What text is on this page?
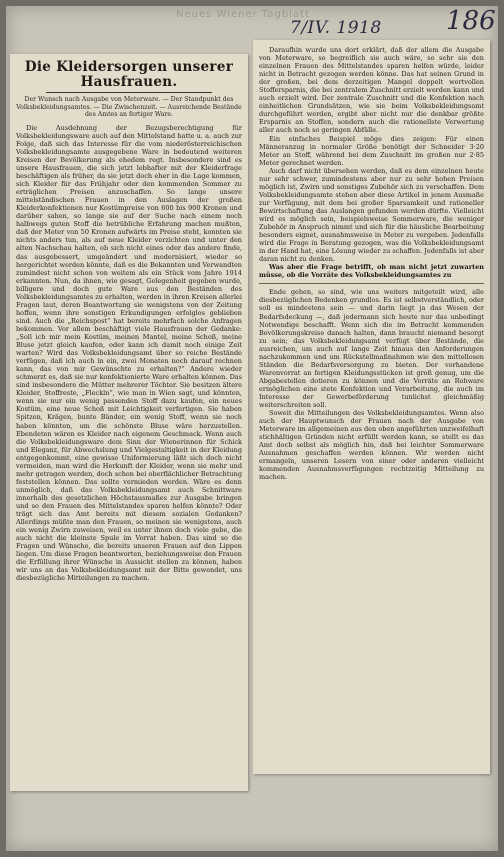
Neues Wiener Tagblatt
7/IV. 1918 186
Die Kleidersorgen unserer
Hausfrauen.

Der Wunsch nach Ausgabe von Meterware. — Der Standpunkt des Volksbekleidungsamtes. — Die Zwischenzeit. — Ausreichende Bestände des Amtes an fertiger Ware.

Die Ausdehnung der Bezugsberechtigung für Volksbekleidungsware auch auf den Mittelstand hatte u. a. auch zur Folge, daß sich das Interesse für die vom niederösterreichischen Volksbekleidungsamte ausgegebene Ware in bedeutend weiteren Kreisen der Bevölkerung als ehedem regt. Insbesondere sind es unsere Hausfrauen, die sich jetzt lebhafter mit der Kleiderfrage beschäftigen als früher, da sie jetzt doch eher in die Lage kommen, sich Kleider für das Frühjahr oder den kommenden Sommer zu erträglichen Preisen anzuschaffen. So lange unsere mittelständischen Frauen in den Auslagen der großen Kleiderkonfektionen nur Kostümpreise von 600 bis 900 Kronen und darüber sahen, so lange sie auf der Suche nach einem noch halbwegs guten Stoff die betrübliche Erfahrung machen mußten, daß der Meter von 50 Kronen aufwärts im Preise steht, konnten sie nichts anders tun, als auf neue Kleider verzichten und unter den alten Nachschau halten, ob sich nicht eines oder das andere finde, das ausgebessert, umgeändert und modernisiert, wieder so hergerichtet werden könnte, daß es die Bekannten und Verwandten zumindest nicht schon von weitem als ein Stück vom Jahre 1914 erkannten. Nun, da ihnen, wie gesagt, Gelegenheit gegeben wurde, billigere und doch gute Ware aus den Beständen des Volksbekleidungsamtes zu erhalten, werden in ihren Kreisen allerlei Fragen laut, deren Beantwortung sie wenigstens von der Zeitung hoffen, wenn ihre sonstigen Erkundigungen erfolglos geblieben sind. Auch die „Reichspost“ hat bereits mehrfach solche Anfragen bekommen. Vor allem beschäftigt viele Hausfrauen der Gedanke: „Soll ich mir mein Kostüm, meinen Mantel, meine Schoß, meine Bluse jetzt gleich kaufen, oder kann ich damit noch einige Zeit warten? Wird das Volksbekleidungsamt über so reiche Bestände verfügen, daß ich auch in ein, zwei Monaten noch darauf rechnen kann, das von mir Gewünschte zu erhalten?“ Andere wieder schmerzt es, daß sie nur konfektionierte Ware erhalten können. Das sind insbesondere die Mütter mehrerer Töchter. Sie besitzen ältere Kleider, Stoffreste, „Fleckln“, wie man in Wien sagt, und könnten, wenn sie nur ein wenig passenden Stoff dazu kaufen, ein neues Kostüm, eine neue Schoß mit Leichtigkeit verfertigen. Sie haben Spitzen, Krägen, bunte Bänder, ein wenig Stoff, wenn sie noch haben könnten, um die schönste Bluse wäre herzustellen. Ebendeten wären es Kleider nach eigenem Geschmack. Wenn auch die Volksbekleidungsware dem Sinn der Wienerinnen für Schick und Eleganz, für Abwechslung und Vielgestaltigkeit in der Kleidung entgegenkommt, eine gewisse Uniformierung läßt sich doch nicht vermeiden, man wird die Herkunft der Kleider, wenn sie mehr und mehr getragen werden, doch schon bei oberflächlicher Betrachtung feststellen können. Das sollte vermieden werden. Wäre es denn unmöglich, daß das Volksbekleidungsamt auch Schnittware innerhalb des gesetzlichen Höchstausmaßes zur Ausgabe bringen und so den Frauen des Mittelstandes sparen helfen könnte? Oder trägt sich das Amt bereits mit diesem sozialen Gedanken? Allerdings müßte man den Frauen, so meinen sie wenigstens, auch ein wenig Zwirn zuweisen, weil es unter ihnen doch viele gebe, die auch nicht die kleinste Spule im Vorrat haben. Das sind so die Fragen und Wünsche, die bereits unseren Frauen auf den Lippen liegen. Um diese Fragen beantworten, beziehungsweise den Frauen die Erfüllung ihrer Wünsche in Aussicht stellen zu können, haben wir uns an das Volksbekleidungsamt mit der Bitte gewendet, uns diesbezügliche Mitteilungen zu machen.

Daraufhin wurde uns dort erklärt, daß der allem die Ausgabe von Meterware, so begreiflich sie auch wäre, so sehr sie den einzelnen Frauen des Mittelstandes sparen helfen würde, leider nicht in Betracht gezogen werden könne. Das hat seinen Grund in der großen, bei dem derzeitigen Mangel doppelt wertvollen Stoffersparnis, die bei zentralem Zuschnitt erzielt werden kann und auch erzielt wird. Der zentrale Zuschnitt und die Konfektion nach einheitlichen Grundsätzen, wie sie beim Volksbekleidungsamt durchgeführt werden, ergibt aber nicht nur die denkbar größte Ersparnis an Stoffen, sondern auch die rationellste Verwertung aller auch noch so geringen Abfälle.

Ein einfaches Beispiel möge dies zeigen: Für einen Männeranzug in normaler Größe benötigt der Schneider 3·20 Meter an Stoff, während bei dem Zuschnitt im großen nur 2·85 Meter gerechnet werden.

Auch darf nicht übersehen werden, daß es dem einzelnen heute nur sehr schwer, zumindestens aber nur zu sehr hohen Preisen möglich ist, Zwirn und sonstiges Zubehör sich zu verschaffen. Dem Volksbekleidungsamte stehen aber diese Artikel in jenem Ausmaße zur Verfügung, mit dem bei großer Sparsamkeit und rationeller Bewirtschaftung das Auslangen gefunden werden dürfte. Vielleicht wird es möglich sein, beispielsweise Sommerware, die weniger Zubehör in Anspruch nimmt und sich für die häusliche Bearbeitung besonders eignet, ausnahmsweise in Meter zu vergeben. Jedenfalls wird die Frage in Beratung gezogen, was die Volksbekleidungsamt in der Hand hat, eine Lösung wieder zu schaffen. Jedenfalls ist aber daran nicht zu denken.

Was aber die Frage betrifft, ob man nicht jetzt zuwarten müsse, ob die Vorräte des Volksbekleidungsamtes zu

Ende gehen, so sind, wie uns weiters mitgeteilt wird, alle diesbezüglichen Bedenken grundlos. Es ist selbstverständlich, oder soll es mindestens sein — und darin liegt ja das Wesen der Bedarfsdeckung —, daß jedermann sich heute nur das unbedingt Notwendige beschafft. Wenn sich die im Betracht kommenden Bevölkerungskreise danach halten, dann braucht niemand besorgt zu sein; das Volksbekleidungsamt verfügt über Bestände, die ausreichen, um auch auf lange Zeit hinaus den Anforderungen nachzukommen und um Rückstellmaßnahmen wie den mittellosen Ständen die Bedarfsversorgung zu bieten. Der vorhandene Warenvorrat an fertigen Kleidungsstücken ist groß genug, um die Abgabestellen dotieren zu können und die Vorräte an Rohware ermöglichen eine stete Konfektion und Verarbeitung, die auch im Interesse der Gewerbeförderung tunlichst gleichmäßig weiterschreiten soll.

Soweit die Mitteilungen des Volksbekleidungsamtes. Wenn also auch der Hauptwunsch der Frauen nach der Ausgabe von Meterware im allgemeinen aus den oben angeführten unzweifelhaft stichhältigen Gründen nicht erfüllt werden kann, so stellt es das Amt doch selbst als möglich hin, daß bei leichter Sommerware Ausnahmen geschaffen werden können. Wir werden nicht ermangeln, unseren Lesern von einer oder anderen vielleicht kommenden Ausnahmsverfügungen rechtzeitig Mitteilung zu machen.
